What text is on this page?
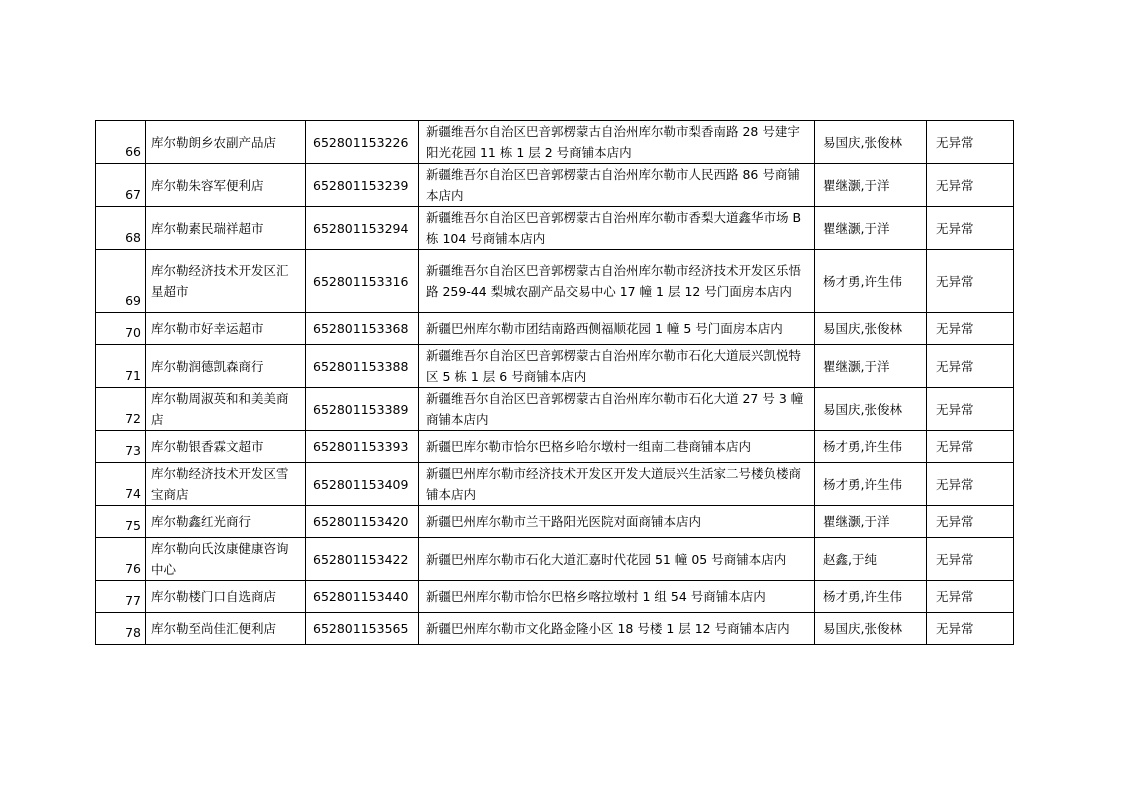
66	库尔勒朗乡农副产品店	652801153226	新疆维吾尔自治区巴音郭楞蒙古自治州库尔勒市梨香南路 28 号建宇阳光花园 11 栋 1 层 2 号商铺本店内	易国庆,张俊林	无异常
67	库尔勒朱容军便利店	652801153239	新疆维吾尔自治区巴音郭楞蒙古自治州库尔勒市人民西路 86 号商铺本店内	瞿继灏,于洋	无异常
68	库尔勒素民瑞祥超市	652801153294	新疆维吾尔自治区巴音郭楞蒙古自治州库尔勒市香梨大道鑫华市场 B 栋 104 号商铺本店内	瞿继灏,于洋	无异常
69	库尔勒经济技术开发区汇星超市	652801153316	新疆维吾尔自治区巴音郭楞蒙古自治州库尔勒市经济技术开发区乐悟路 259-44 梨城农副产品交易中心 17 幢 1 层 12 号门面房本店内	杨才勇,许生伟	无异常
70	库尔勒市好幸运超市	652801153368	新疆巴州库尔勒市团结南路西侧福顺花园 1 幢 5 号门面房本店内	易国庆,张俊林	无异常
71	库尔勒润德凯森商行	652801153388	新疆维吾尔自治区巴音郭楞蒙古自治州库尔勒市石化大道辰兴凯悦特区 5 栋 1 层 6 号商铺本店内	瞿继灏,于洋	无异常
72	库尔勒周淑英和和美美商店	652801153389	新疆维吾尔自治区巴音郭楞蒙古自治州库尔勒市石化大道 27 号 3 幢商铺本店内	易国庆,张俊林	无异常
73	库尔勒银香霖文超市	652801153393	新疆巴库尔勒市恰尔巴格乡哈尔墩村一组南二巷商铺本店内	杨才勇,许生伟	无异常
74	库尔勒经济技术开发区雪宝商店	652801153409	新疆巴州库尔勒市经济技术开发区开发大道辰兴生活家二号楼负楼商铺本店内	杨才勇,许生伟	无异常
75	库尔勒鑫红光商行	652801153420	新疆巴州库尔勒市兰干路阳光医院对面商铺本店内	瞿继灏,于洋	无异常
76	库尔勒向氏汝康健康咨询中心	652801153422	新疆巴州库尔勒市石化大道汇嘉时代花园 51 幢 05 号商铺本店内	赵鑫,于纯	无异常
77	库尔勒楼门口自选商店	652801153440	新疆巴州库尔勒市恰尔巴格乡喀拉墩村 1 组 54 号商铺本店内	杨才勇,许生伟	无异常
78	库尔勒至尚佳汇便利店	652801153565	新疆巴州库尔勒市文化路金隆小区 18 号楼 1 层 12 号商铺本店内	易国庆,张俊林	无异常
